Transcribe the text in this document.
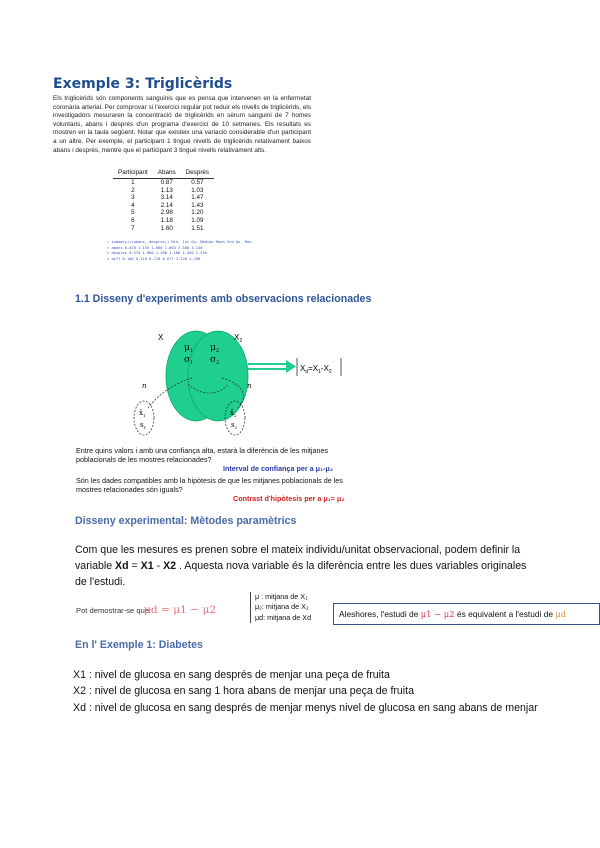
Exemple 3: Triglicèrids
Els triglicèrids són components sanguinis que es pensa que intervenen en la enfermetat coronària arterial. Per comprovar si l'exercici regular pot reduir els nivells de triglicèrids, els investigadors mesuraren la concentració de triglicèrids en sèrum sanguini de 7 homes voluntaris, abans i després d'un programa d'exercici de 10 setmanes. Els resultats es mostren en la taula següent. Notar que existeix una variació considerable d'un participant a un altre. Per exemple, el participant 1 tingué nivells de triglicèrids relativament baixos abans i després, mentre que el participant 3 tingué nivells relativament alts.
Participant	Abans	Després
1	0.87	0.57
2	1.13	1.03
3	3.14	1.47
4	2.14	1.43
5	2.98	1.20
6	1.18	1.09
7	1.60	1.51
> summary(c(abans, despres)) Min. 1st Qu. Median Mean 3rd Qu. Max.
> abans 0.870 1.155 1.600 1.863 2.560 3.140
> despres 0.570 1.060 1.200 1.186 1.450 1.510
> diff 0.100 0.110 0.710 0.677 1.120 1.780
1.1 Disseny d'experiments amb observacions relacionades
X	$X_2$
$\mu_1$ $\mu_2$
$\sigma_1$ $\sigma_2$
$X_d=X_1-X_2$
n	n
$x̄_1$
$s_1$
$x̄_2$
$s_2$
Entre quins valors i amb una confiança alta, estarà la diferència de les mitjanes poblacionals de les mostres relacionades?
Interval de confiança per a μ₁-μ₂
Són les dades compatibles amb la hipòtesis de que les mitjanes poblacionals de les mostres relacionades són iguals?
Contrast d'hipòtesis per a μ₁= μ₂
Disseny experimental: Mètodes paramètrics
Com que les mesures es prenen sobre el mateix individu/unitat observacional, podem definir la variable Xd = X1 - X2 . Aquesta nova variable és la diferència entre les dues variables originales de l'estudi.
Pot demostrar-se que:
μd = μ1 − μ2
μ : mitjana de X₁
μ₂: mitjana de X₂
μd: mitjana de Xd	Aleshores, l'estudi de μ1 − μ2 és equivalent a l'estudi de μd
En l' Exemple 1: Diabetes
X1 : nivel de glucosa en sang després de menjar una peça de fruita
X2 : nivel de glucosa en sang 1 hora abans de menjar una peça de fruita
Xd : nivel de glucosa en sang després de menjar menys nivel de glucosa en sang abans de menjar
